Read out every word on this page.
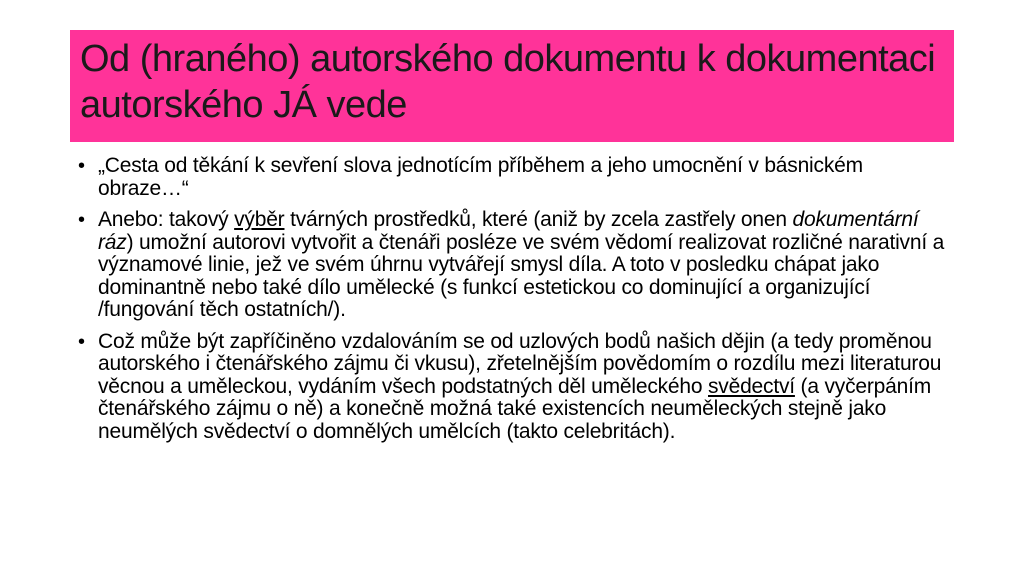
Od (hraného) autorského dokumentu k dokumentaci autorského JÁ vede
• „Cesta od těkání k sevření slova jednotícím příběhem a jeho umocnění v básnickém obraze…“
• Anebo: takový výběr tvárných prostředků, které (aniž by zcela zastřely onen dokumentární ráz) umožní autorovi vytvořit a čtenáři posléze ve svém vědomí realizovat rozličné narativní a významové linie, jež ve svém úhrnu vytvářejí smysl díla. A toto v posledku chápat jako dominantně nebo také dílo umělecké (s funkcí estetickou co dominující a organizující /fungování těch ostatních/).
• Což může být zapříčiněno vzdalováním se od uzlových bodů našich dějin (a tedy proměnou autorského i čtenářského zájmu či vkusu), zřetelnějším povědomím o rozdílu mezi literaturou věcnou a uměleckou, vydáním všech podstatných děl uměleckého svědectví (a vyčerpáním čtenářského zájmu o ně) a konečně možná také existencích neuměleckých stejně jako neumělých svědectví o domnělých umělcích (takto celebritách).
